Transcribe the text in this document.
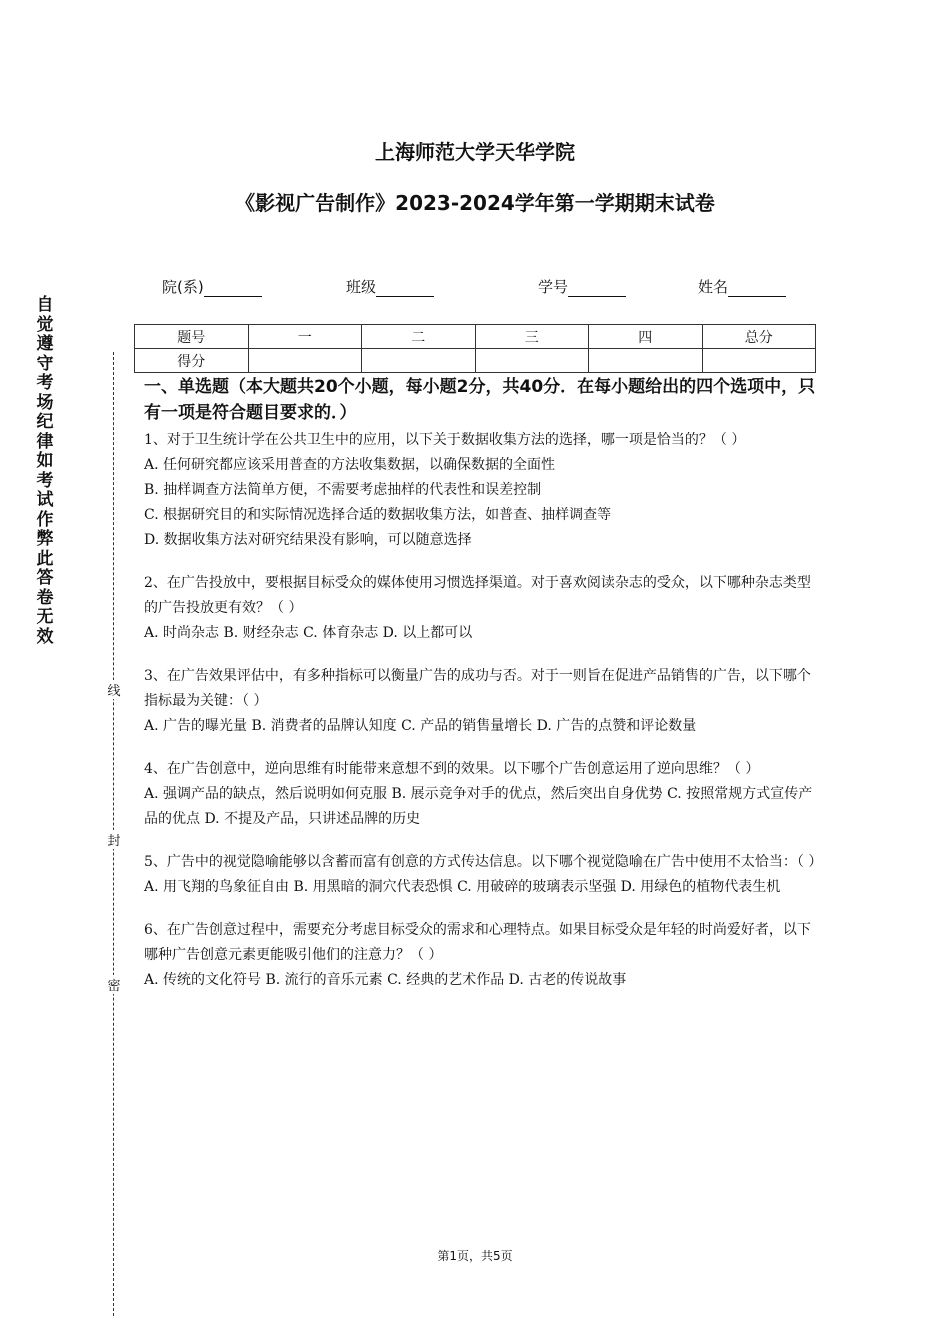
上海师范大学天华学院
《影视广告制作》2023-2024学年第一学期期末试卷
院(系)	班级	学号	姓名
题号	一	二	三	四	总分
得分					
自
觉
遵
守
考
场
纪
律
如
考
试
作
弊
此
答
卷
无
效
线
封
密

一、单选题（本大题共20个小题，每小题2分，共40分．在每小题给出的四个选项中，只有一项是符合题目要求的．）

1、对于卫生统计学在公共卫生中的应用，以下关于数据收集方法的选择，哪一项是恰当的？（ ）

A. 任何研究都应该采用普查的方法收集数据，以确保数据的全面性

B. 抽样调查方法简单方便，不需要考虑抽样的代表性和误差控制

C. 根据研究目的和实际情况选择合适的数据收集方法，如普查、抽样调查等

D. 数据收集方法对研究结果没有影响，可以随意选择

2、在广告投放中，要根据目标受众的媒体使用习惯选择渠道。对于喜欢阅读杂志的受众，以下哪种杂志类型的广告投放更有效？（ ）

A. 时尚杂志 B. 财经杂志 C. 体育杂志 D. 以上都可以

3、在广告效果评估中，有多种指标可以衡量广告的成功与否。对于一则旨在促进产品销售的广告，以下哪个指标最为关键：（ ）

A. 广告的曝光量 B. 消费者的品牌认知度 C. 产品的销售量增长 D. 广告的点赞和评论数量

4、在广告创意中，逆向思维有时能带来意想不到的效果。以下哪个广告创意运用了逆向思维？（ ）

A. 强调产品的缺点，然后说明如何克服 B. 展示竞争对手的优点，然后突出自身优势 C. 按照常规方式宣传产品的优点 D. 不提及产品，只讲述品牌的历史

5、广告中的视觉隐喻能够以含蓄而富有创意的方式传达信息。以下哪个视觉隐喻在广告中使用不太恰当：（ ）

A. 用飞翔的鸟象征自由 B. 用黑暗的洞穴代表恐惧 C. 用破碎的玻璃表示坚强 D. 用绿色的植物代表生机

6、在广告创意过程中，需要充分考虑目标受众的需求和心理特点。如果目标受众是年轻的时尚爱好者，以下哪种广告创意元素更能吸引他们的注意力？（ ）

A. 传统的文化符号 B. 流行的音乐元素 C. 经典的艺术作品 D. 古老的传说故事

第1页，共5页
